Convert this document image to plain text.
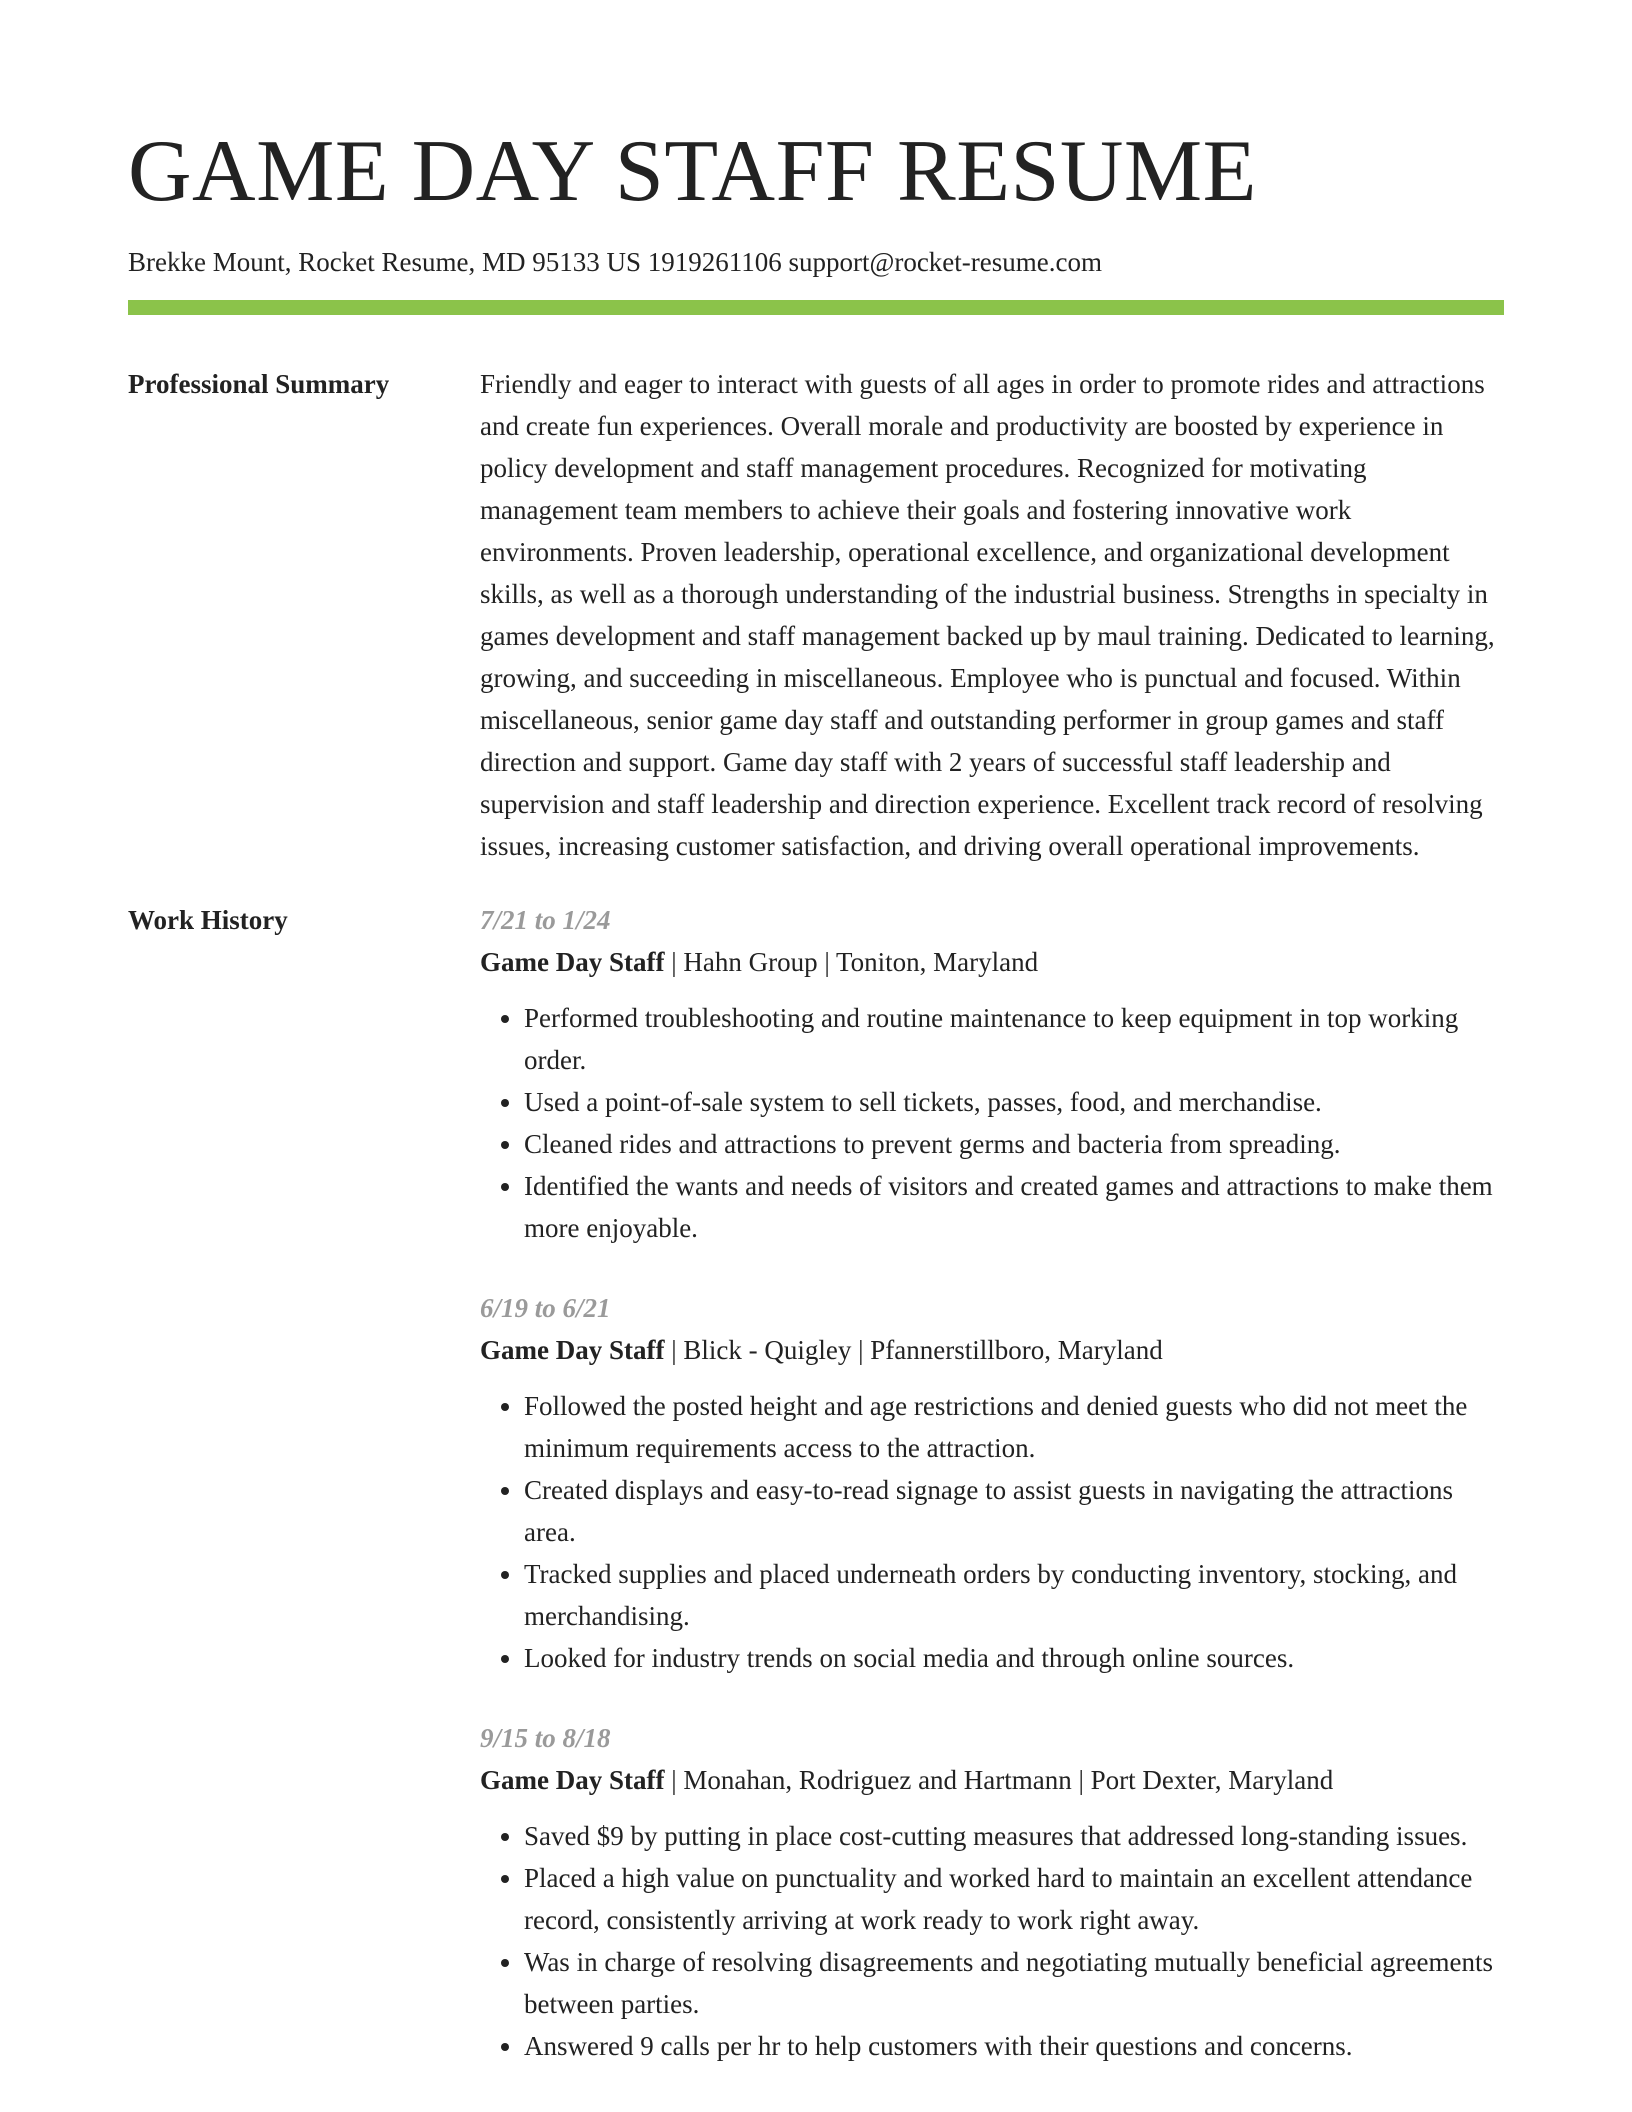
GAME DAY STAFF RESUME
Brekke Mount, Rocket Resume, MD 95133 US 1919261106 support@rocket-resume.com
Professional Summary	Friendly and eager to interact with guests of all ages in order to promote rides and attractions and create fun experiences. Overall morale and productivity are boosted by experience in policy development and staff management procedures. Recognized for motivating management team members to achieve their goals and fostering innovative work environments. Proven leadership, operational excellence, and organizational development skills, as well as a thorough understanding of the industrial business. Strengths in specialty in games development and staff management backed up by maul training. Dedicated to learning, growing, and succeeding in miscellaneous. Employee who is punctual and focused. Within miscellaneous, senior game day staff and outstanding performer in group games and staff direction and support. Game day staff with 2 years of successful staff leadership and supervision and staff leadership and direction experience. Excellent track record of resolving issues, increasing customer satisfaction, and driving overall operational improvements.

Work History	7/21 to 1/24
Game Day Staff | Hahn Group | Toniton, Maryland
• Performed troubleshooting and routine maintenance to keep equipment in top working order.
• Used a point-of-sale system to sell tickets, passes, food, and merchandise.
• Cleaned rides and attractions to prevent germs and bacteria from spreading.
• Identified the wants and needs of visitors and created games and attractions to make them more enjoyable.
6/19 to 6/21
Game Day Staff | Blick - Quigley | Pfannerstillboro, Maryland
• Followed the posted height and age restrictions and denied guests who did not meet the minimum requirements access to the attraction.
• Created displays and easy-to-read signage to assist guests in navigating the attractions area.
• Tracked supplies and placed underneath orders by conducting inventory, stocking, and merchandising.
• Looked for industry trends on social media and through online sources.
9/15 to 8/18
Game Day Staff | Monahan, Rodriguez and Hartmann | Port Dexter, Maryland
• Saved $9 by putting in place cost-cutting measures that addressed long-standing issues.
• Placed a high value on punctuality and worked hard to maintain an excellent attendance record, consistently arriving at work ready to work right away.
• Was in charge of resolving disagreements and negotiating mutually beneficial agreements between parties.
• Answered 9 calls per hr to help customers with their questions and concerns.
